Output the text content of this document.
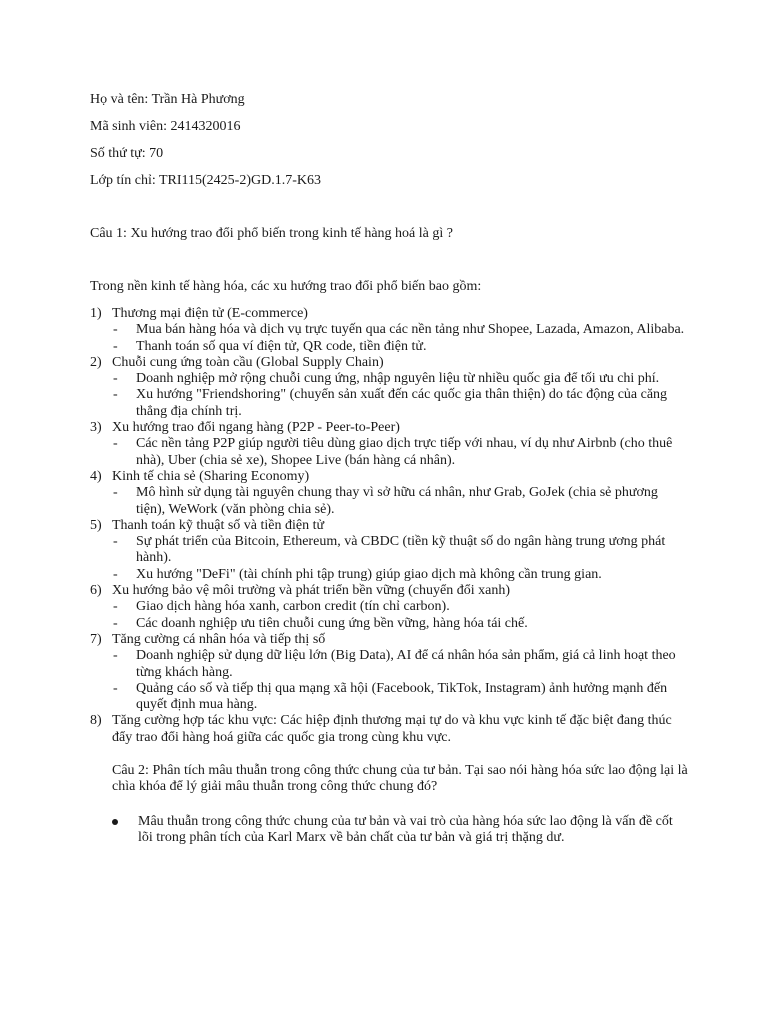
Họ và tên: Trần Hà Phương
Mã sinh viên: 2414320016
Số thứ tự: 70
Lớp tín chỉ: TRI115(2425-2)GD.1.7-K63
Câu 1: Xu hướng trao đổi phổ biến trong kinh tế hàng hoá là gì ?
Trong nền kinh tế hàng hóa, các xu hướng trao đổi phổ biến bao gồm:
1) Thương mại điện tử (E-commerce)
- Mua bán hàng hóa và dịch vụ trực tuyến qua các nền tảng như Shopee, Lazada, Amazon, Alibaba.
- Thanh toán số qua ví điện tử, QR code, tiền điện tử.
2) Chuỗi cung ứng toàn cầu (Global Supply Chain)
- Doanh nghiệp mở rộng chuỗi cung ứng, nhập nguyên liệu từ nhiều quốc gia để tối ưu chi phí.
- Xu hướng "Friendshoring" (chuyển sản xuất đến các quốc gia thân thiện) do tác động của căng thẳng địa chính trị.
3) Xu hướng trao đổi ngang hàng (P2P - Peer-to-Peer)
- Các nền tảng P2P giúp người tiêu dùng giao dịch trực tiếp với nhau, ví dụ như Airbnb (cho thuê nhà), Uber (chia sẻ xe), Shopee Live (bán hàng cá nhân).
4) Kinh tế chia sẻ (Sharing Economy)
- Mô hình sử dụng tài nguyên chung thay vì sở hữu cá nhân, như Grab, GoJek (chia sẻ phương tiện), WeWork (văn phòng chia sẻ).
5) Thanh toán kỹ thuật số và tiền điện tử
- Sự phát triển của Bitcoin, Ethereum, và CBDC (tiền kỹ thuật số do ngân hàng trung ương phát hành).
- Xu hướng "DeFi" (tài chính phi tập trung) giúp giao dịch mà không cần trung gian.
6) Xu hướng bảo vệ môi trường và phát triển bền vững (chuyển đổi xanh)
- Giao dịch hàng hóa xanh, carbon credit (tín chỉ carbon).
- Các doanh nghiệp ưu tiên chuỗi cung ứng bền vững, hàng hóa tái chế.
7) Tăng cường cá nhân hóa và tiếp thị số
- Doanh nghiệp sử dụng dữ liệu lớn (Big Data), AI để cá nhân hóa sản phẩm, giá cả linh hoạt theo từng khách hàng.
- Quảng cáo số và tiếp thị qua mạng xã hội (Facebook, TikTok, Instagram) ảnh hưởng mạnh đến quyết định mua hàng.
8) Tăng cường hợp tác khu vực: Các hiệp định thương mại tự do và khu vực kinh tế đặc biệt đang thúc đẩy trao đổi hàng hoá giữa các quốc gia trong cùng khu vực.
Câu 2: Phân tích mâu thuẫn trong công thức chung của tư bản. Tại sao nói hàng hóa sức lao động lại là chìa khóa để lý giải mâu thuẫn trong công thức chung đó?
Mâu thuẫn trong công thức chung của tư bản và vai trò của hàng hóa sức lao động là vấn đề cốt lõi trong phân tích của Karl Marx về bản chất của tư bản và giá trị thặng dư.
